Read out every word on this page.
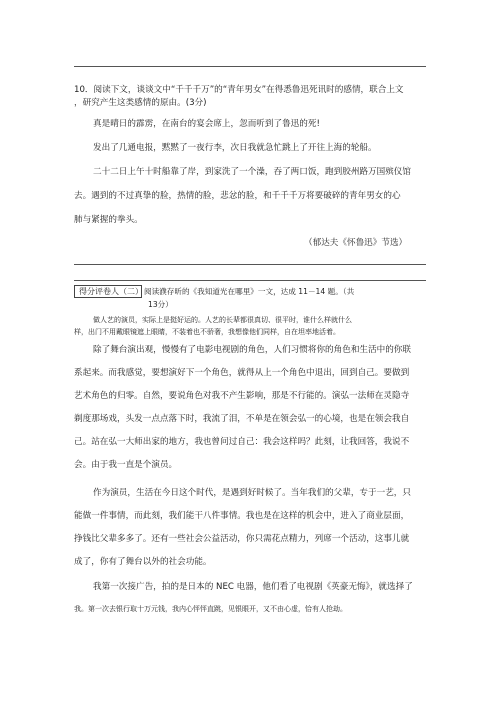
10．阅读下文，谈谈文中“千千千万”的“青年男女”在得悉鲁迅死讯时的感情，联合上文
，研究产生这类感情的原由。(3分)
真是晴日的霹雳，在南台的宴会席上，忽而听到了鲁迅的死!
发出了几通电报，黙黙了一夜行李，次日我就急忙跳上了开往上海的轮船。
二十二日上午十时船靠了岸，到家洗了一个澡，吞了两口饭，跑到胶州路万国殡仪馆
去。遇到的不过真挚的脸，热情的脸，悲忿的脸，和千千千万将要破碎的青年男女的心
肺与紧握的拳头。
（郁达夫《怀鲁迅》节选）
得分评卷人（二） 阅读濮存昕的《我知道光在哪里》一文，达成 11－14 题。（共
13分）
做人艺的演员，实际上是挺好运的。人艺的长辈都很真切、很平时，谁什么样就什么
样，出门不用戴眼镜遮上眼睛，不装着也不骄奢，我想像他们同样，自在坦率地活着。
除了舞台演出观，慢慢有了电影电视剧的角色，人们习惯将你的角色和生活中的你联
系起来。而我感觉，要想演好下一个角色，就得从上一个角色中退出，回到自己。要做到
艺术角色的归零。自然，要说角色对我不产生影响，那是不行能的。演弘一法师在灵隐寺
剃度那场戏，头发一点点落下时，我流了泪，不单是在领会弘一的心境，也是在领会我自
己。站在弘一大师出家的地方，我也曾问过自己：我会这样吗？此刻，让我回答，我说不
会。由于我一直是个演员。
作为演员，生活在今日这个时代，是遇到好时候了。当年我们的父辈，专于一艺，只
能做一件事情，而此刻，我们能干八件事情。我也是在这样的机会中，进入了商业层面，
挣钱比父辈多多了。还有一些社会公益活动，你只需花点精力，列席一个活动，这事儿就
成了，你有了舞台以外的社会功能。
我第一次接广告，拍的是日本的 NEC 电器，他们看了电视剧《英豪无悔》，就选择了
我。第一次去银行取十万元钱，我内心怦怦直跳，见银眼开，又不由心虚，恰有人抢劫。
